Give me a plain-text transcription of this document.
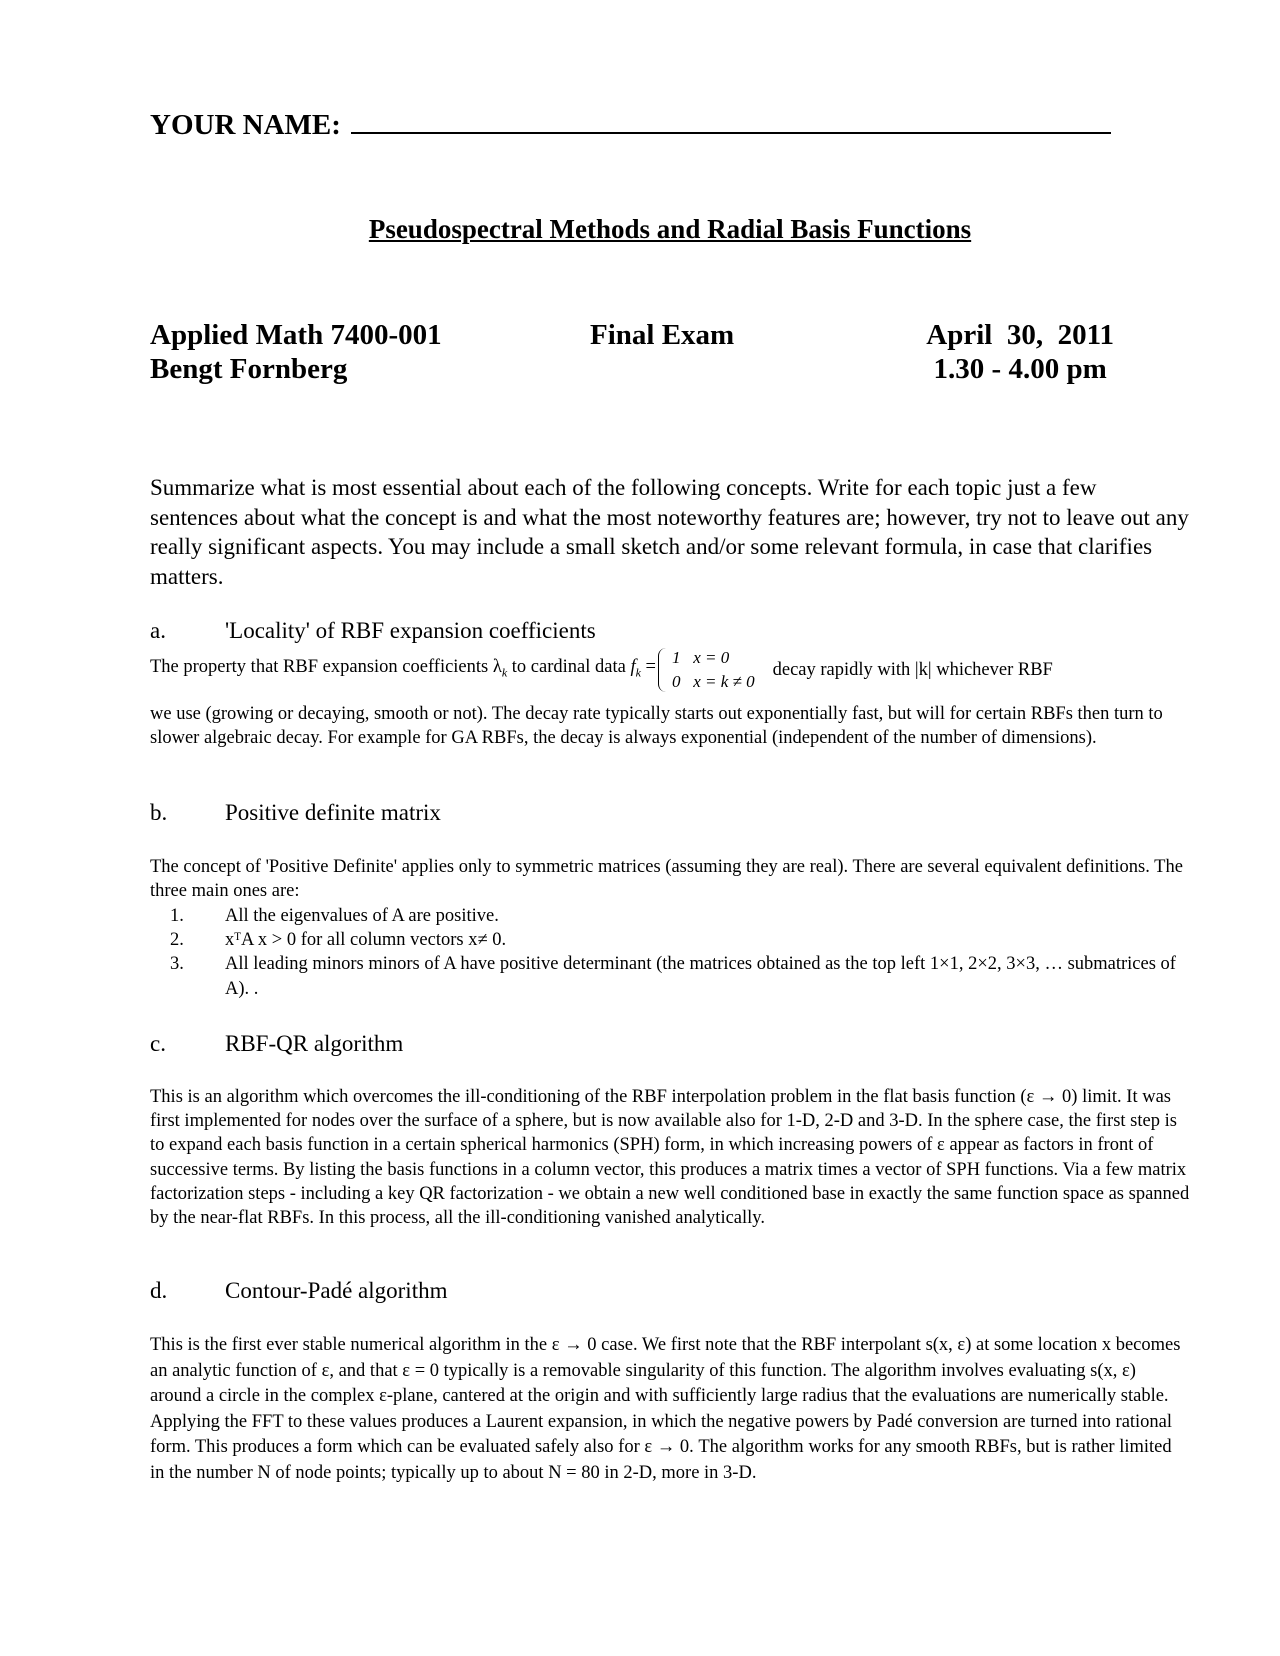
YOUR NAME:
Pseudospectral Methods and Radial Basis Functions
Applied Math 7400-001
Bengt Fornberg
Final Exam	April  30,  2011
1.30 - 4.00 pm
Summarize what is most essential about each of the following concepts. Write for each topic just a few sentences about what the concept is and what the most noteworthy features are; however, try not to leave out any really significant aspects. You may include a small sketch and/or some relevant formula, in case that clarifies matters.
a.	'Locality' of RBF expansion coefficients
The property that RBF expansion coefficients $\lambda_k$ to cardinal data $f_k = 1$   x = 0
0   x = k ≠ 0
decay rapidly with |k| whichever RBF
we use (growing or decaying, smooth or not). The decay rate typically starts out exponentially fast, but will for certain RBFs then turn to slower algebraic decay. For example for GA RBFs, the decay is always exponential (independent of the number of dimensions).
b.	Positive definite matrix
The concept of 'Positive Definite' applies only to symmetric matrices (assuming they are real). There are several equivalent definitions. The three main ones are:
1.	All the eigenvalues of A are positive.
2.	xᵀA x > 0 for all column vectors x≠ 0.
3.	All leading minors minors of A have positive determinant (the matrices obtained as the top left 1×1, 2×2, 3×3, … submatrices of A). .
c.	RBF-QR algorithm
This is an algorithm which overcomes the ill-conditioning of the RBF interpolation problem in the flat basis function (ε → 0) limit. It was first implemented for nodes over the surface of a sphere, but is now available also for 1-D, 2-D and 3-D. In the sphere case, the first step is to expand each basis function in a certain spherical harmonics (SPH) form, in which increasing powers of ε appear as factors in front of successive terms. By listing the basis functions in a column vector, this produces a matrix times a vector of SPH functions. Via a few matrix factorization steps - including a key QR factorization - we obtain a new well conditioned base in exactly the same function space as spanned by the near-flat RBFs. In this process, all the ill-conditioning vanished analytically.
d.	Contour-Padé algorithm
This is the first ever stable numerical algorithm in the ε → 0 case. We first note that the RBF interpolant s(x, ε) at some location x becomes an analytic function of ε, and that ε = 0 typically is a removable singularity of this function. The algorithm involves evaluating s(x, ε) around a circle in the complex ε-plane, cantered at the origin and with sufficiently large radius that the evaluations are numerically stable. Applying the FFT to these values produces a Laurent expansion, in which the negative powers by Padé conversion are turned into rational form. This produces a form which can be evaluated safely also for ε → 0. The algorithm works for any smooth RBFs, but is rather limited in the number N of node points; typically up to about N = 80 in 2-D, more in 3-D.
